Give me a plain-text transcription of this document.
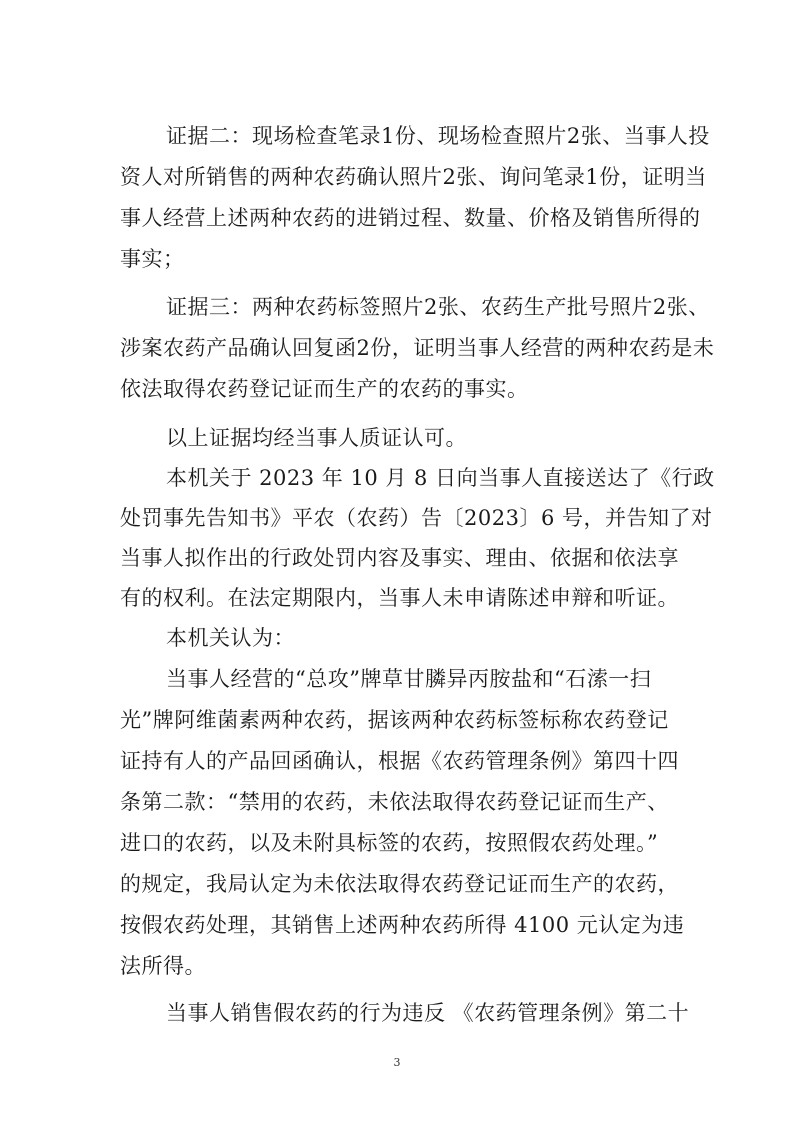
证据二：现场检查笔录1份、现场检查照片2张、当事人投
资人对所销售的两种农药确认照片2张、询问笔录1份，证明当
事人经营上述两种农药的进销过程、数量、价格及销售所得的
事实；
证据三：两种农药标签照片2张、农药生产批号照片2张、
涉案农药产品确认回复函2份，证明当事人经营的两种农药是未
依法取得农药登记证而生产的农药的事实。
以上证据均经当事人质证认可。
本机关于 2023 年 10 月 8 日向当事人直接送达了《行政
处罚事先告知书》平农（农药）告〔2023〕6 号，并告知了对
当事人拟作出的行政处罚内容及事实、理由、依据和依法享
有的权利。在法定期限内，当事人未申请陈述申辩和听证。
本机关认为：
当事人经营的“总攻”牌草甘膦异丙胺盐和“石溹一扫
光”牌阿维菌素两种农药，据该两种农药标签标称农药登记
证持有人的产品回函确认，根据《农药管理条例》第四十四
条第二款：“禁用的农药，未依法取得农药登记证而生产、
进口的农药，以及未附具标签的农药，按照假农药处理。”
的规定，我局认定为未依法取得农药登记证而生产的农药，
按假农药处理，其销售上述两种农药所得 4100 元认定为违
法所得。
当事人销售假农药的行为违反 《农药管理条例》第二十
3
